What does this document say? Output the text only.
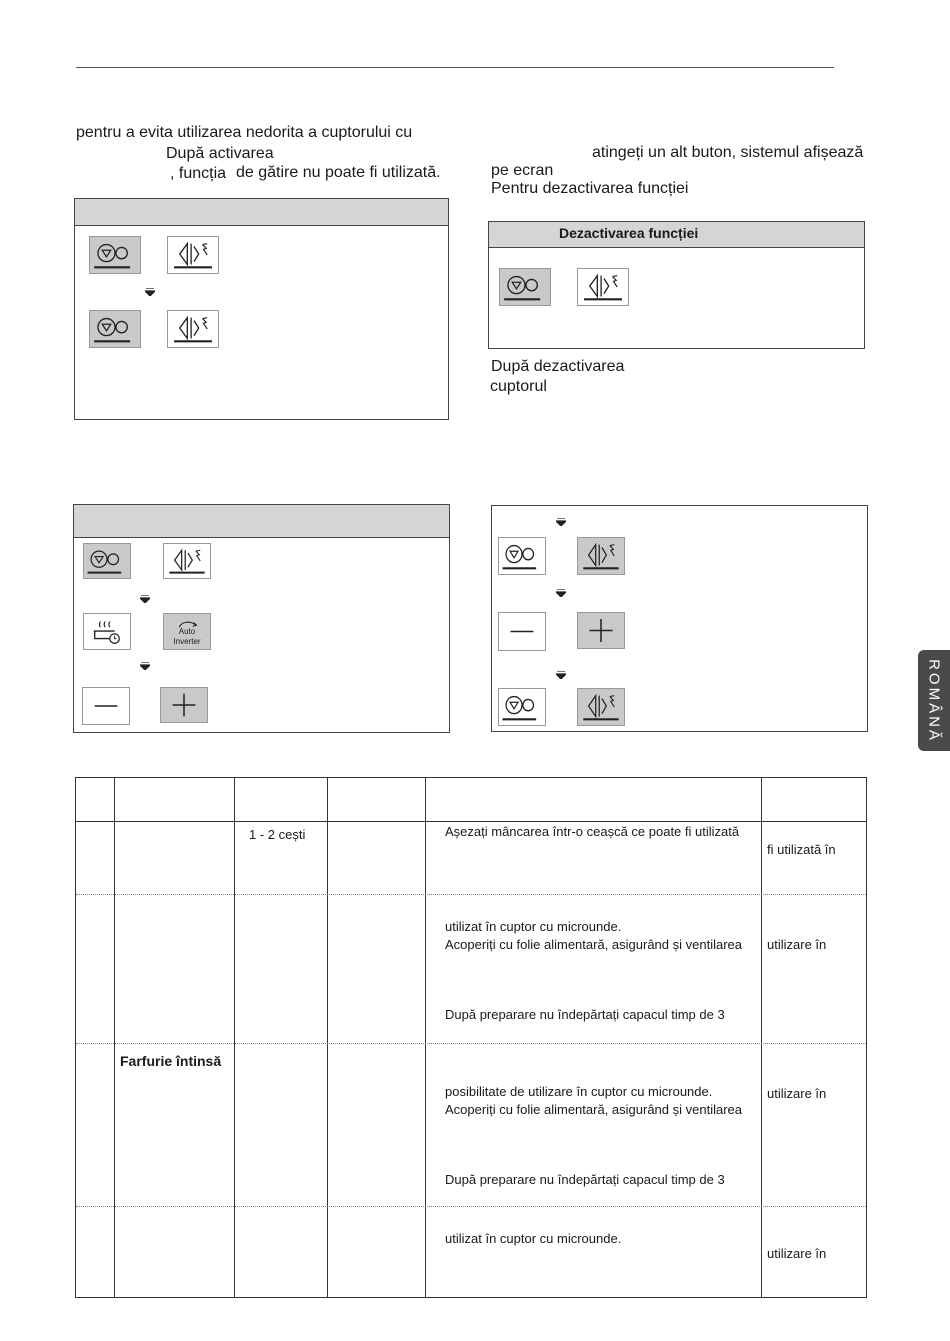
pentru a evita utilizarea nedorita a cuptorului cu
După activarea
, funcția de gătire nu poate fi utilizată.
atingeți un alt buton, sistemul afișează
pe ecran
Pentru dezactivarea funcției
Dezactivarea funcției
După dezactivarea
cuptorul
Auto
Inverter
ROMÂNĂ
1 - 2 cești	Așezați mâncarea într-o ceașcă ce poate fi utilizată
fi utilizată în
utilizat în cuptor cu microunde.
Acoperiți cu folie alimentară, asigurând și ventilarea
După preparare nu îndepărtați capacul timp de 3
utilizare în
Farfurie întinsă
posibilitate de utilizare în cuptor cu microunde.
Acoperiți cu folie alimentară, asigurând și ventilarea
După preparare nu îndepărtați capacul timp de 3
utilizare în
utilizat în cuptor cu microunde.
utilizare în
